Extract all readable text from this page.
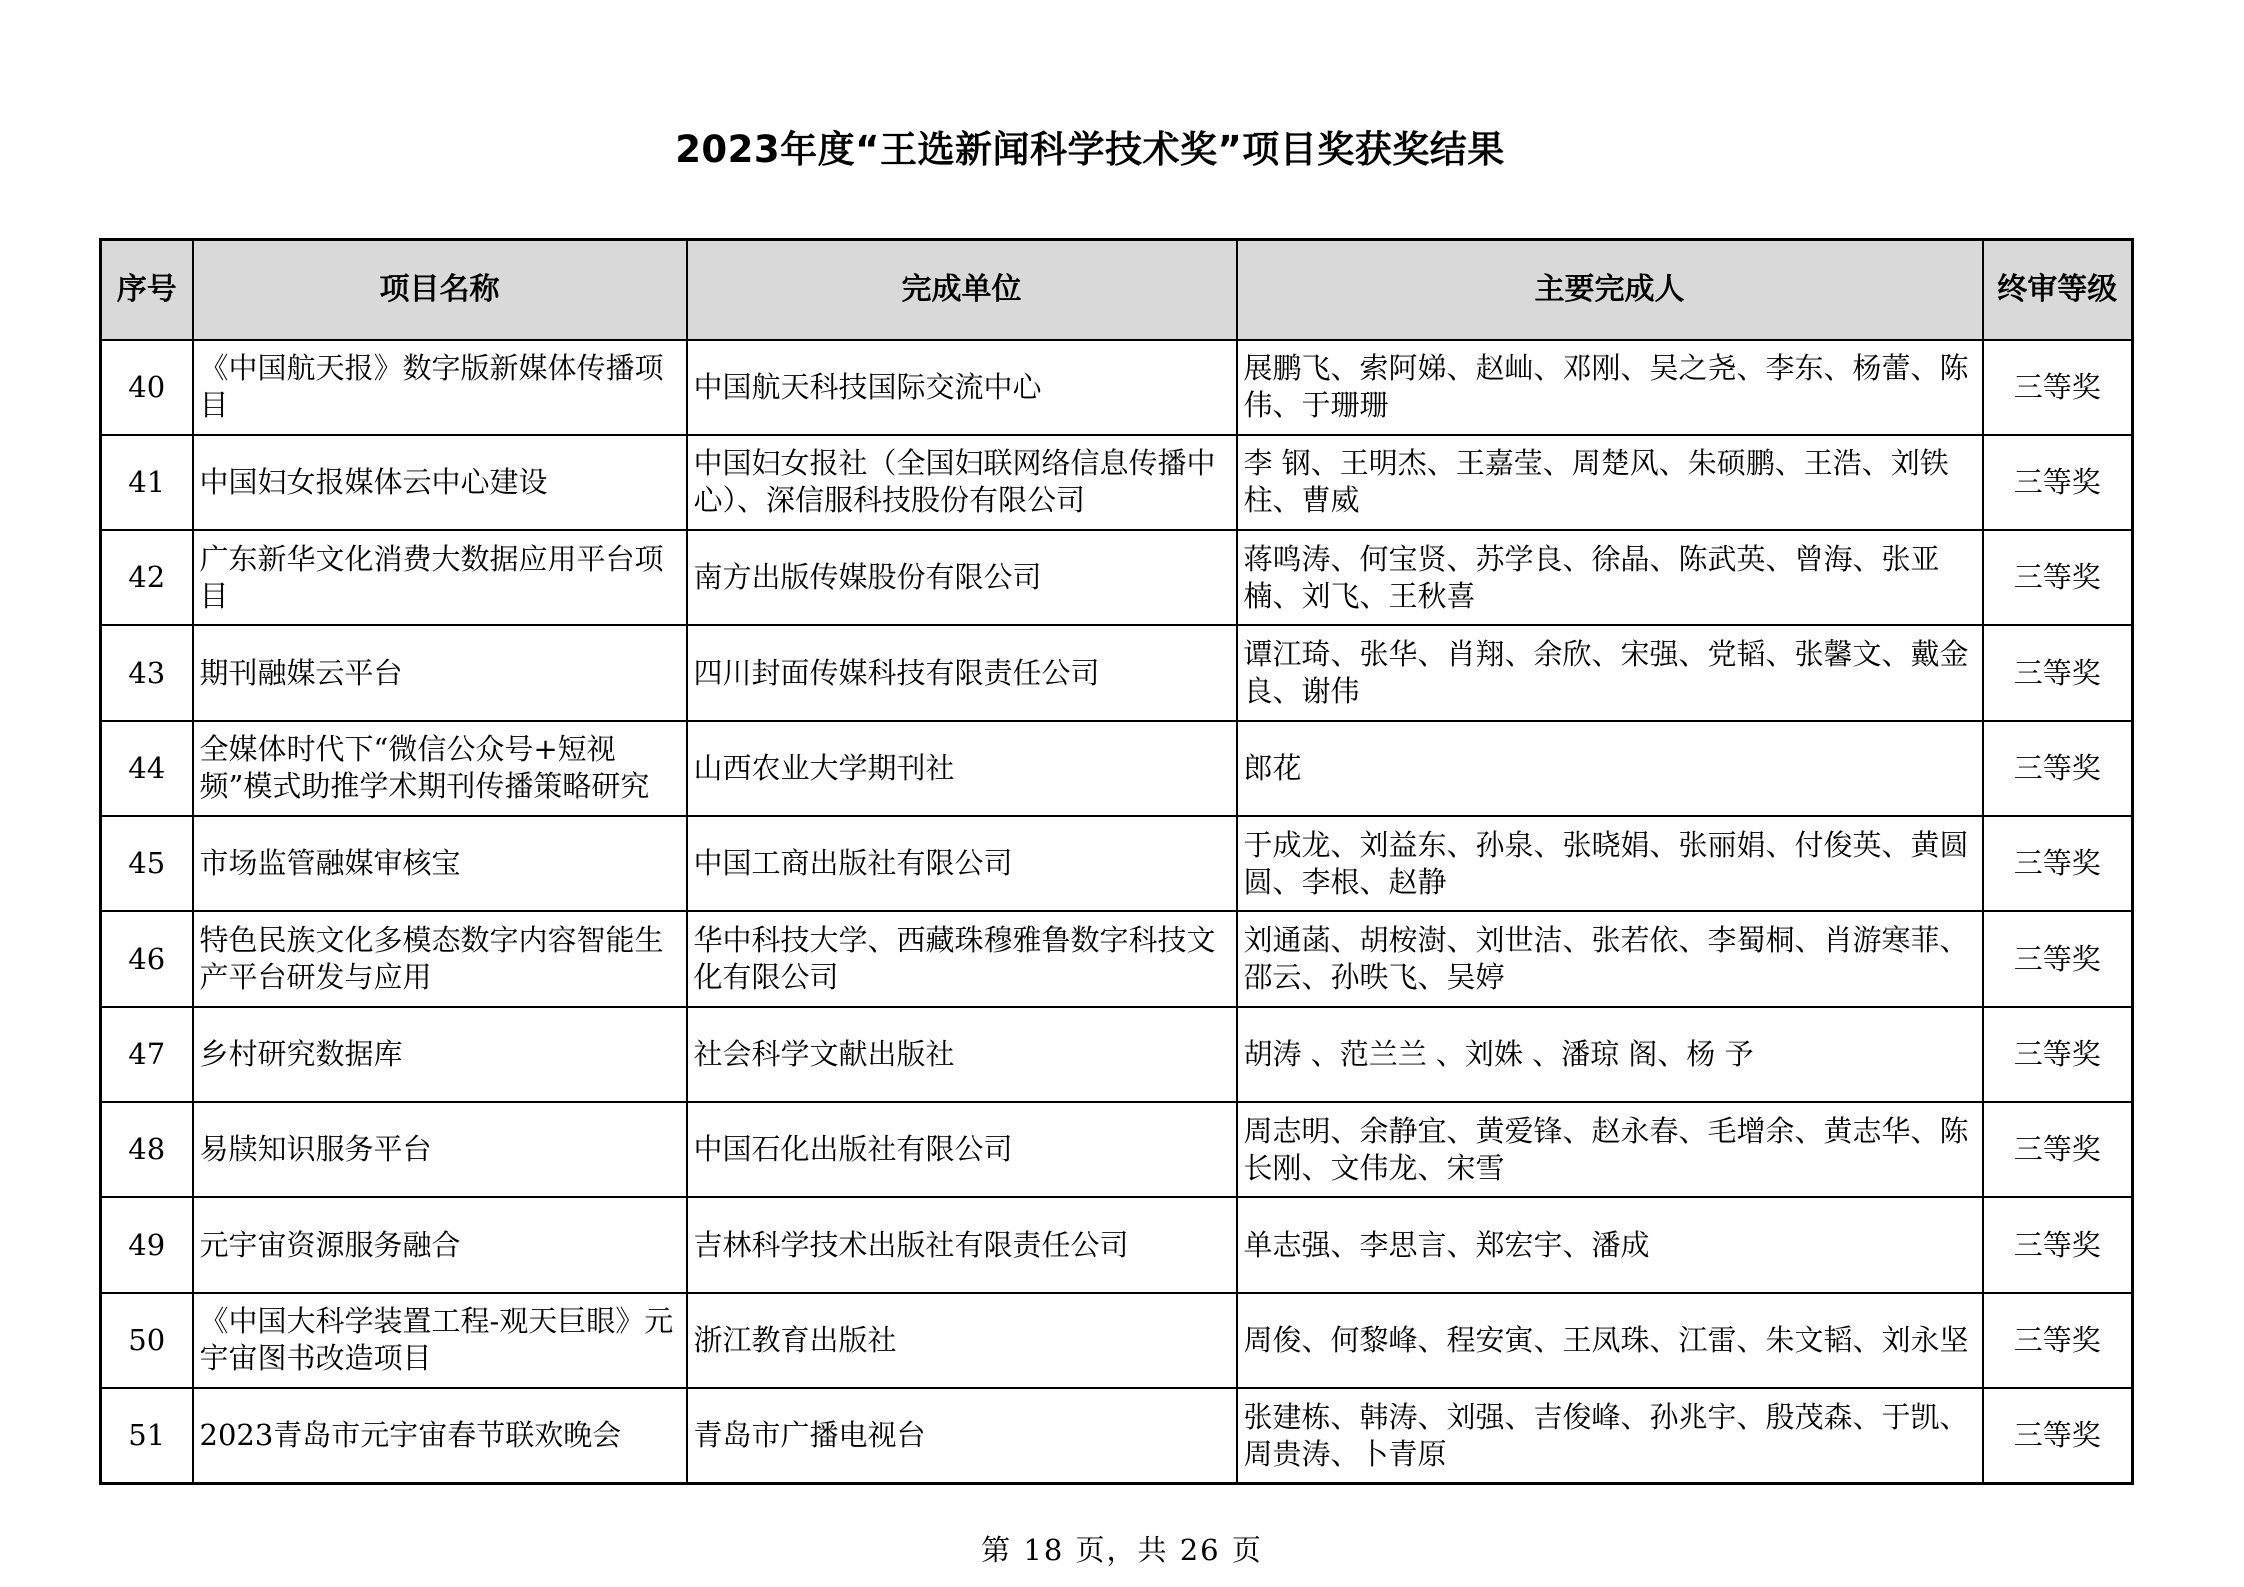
2023年度“王选新闻科学技术奖”项目奖获奖结果
序号	项目名称	完成单位	主要完成人	终审等级
40	《中国航天报》数字版新媒体传播项目	中国航天科技国际交流中心	展鹏飞、索阿娣、赵屾、邓刚、吴之尧、李东、杨蕾、陈伟、于珊珊	三等奖
41	中国妇女报媒体云中心建设	中国妇女报社（全国妇联网络信息传播中心）、深信服科技股份有限公司	李 钢、王明杰、王嘉莹、周楚风、朱硕鹏、王浩、刘铁柱、曹威	三等奖
42	广东新华文化消费大数据应用平台项目	南方出版传媒股份有限公司	蒋鸣涛、何宝贤、苏学良、徐晶、陈武英、曾海、张亚楠、刘飞、王秋喜	三等奖
43	期刊融媒云平台	四川封面传媒科技有限责任公司	谭江琦、张华、肖翔、余欣、宋强、党韬、张馨文、戴金良、谢伟	三等奖
44	全媒体时代下“微信公众号+短视频”模式助推学术期刊传播策略研究	山西农业大学期刊社	郎花	三等奖
45	市场监管融媒审核宝	中国工商出版社有限公司	于成龙、刘益东、孙泉、张晓娟、张丽娟、付俊英、黄圆圆、李根、赵静	三等奖
46	特色民族文化多模态数字内容智能生产平台研发与应用	华中科技大学、西藏珠穆雅鲁数字科技文化有限公司	刘通菡、胡桉澍、刘世洁、张若依、李蜀桐、肖游寒菲、邵云、孙昳飞、吴婷	三等奖
47	乡村研究数据库	社会科学文献出版社	胡涛 、范兰兰 、刘姝 、潘琼 阁、杨 予	三等奖
48	易牍知识服务平台	中国石化出版社有限公司	周志明、余静宜、黄爱锋、赵永春、毛增余、黄志华、陈长刚、文伟龙、宋雪	三等奖
49	元宇宙资源服务融合	吉林科学技术出版社有限责任公司	单志强、李思言、郑宏宇、潘成	三等奖
50	《中国大科学装置工程-观天巨眼》元宇宙图书改造项目	浙江教育出版社	周俊、何黎峰、程安寅、王凤珠、江雷、朱文韬、刘永坚	三等奖
51	2023青岛市元宇宙春节联欢晚会	青岛市广播电视台	张建栋、韩涛、刘强、吉俊峰、孙兆宇、殷茂森、于凯、周贵涛、卜青原	三等奖
第 18 页，共 26 页
